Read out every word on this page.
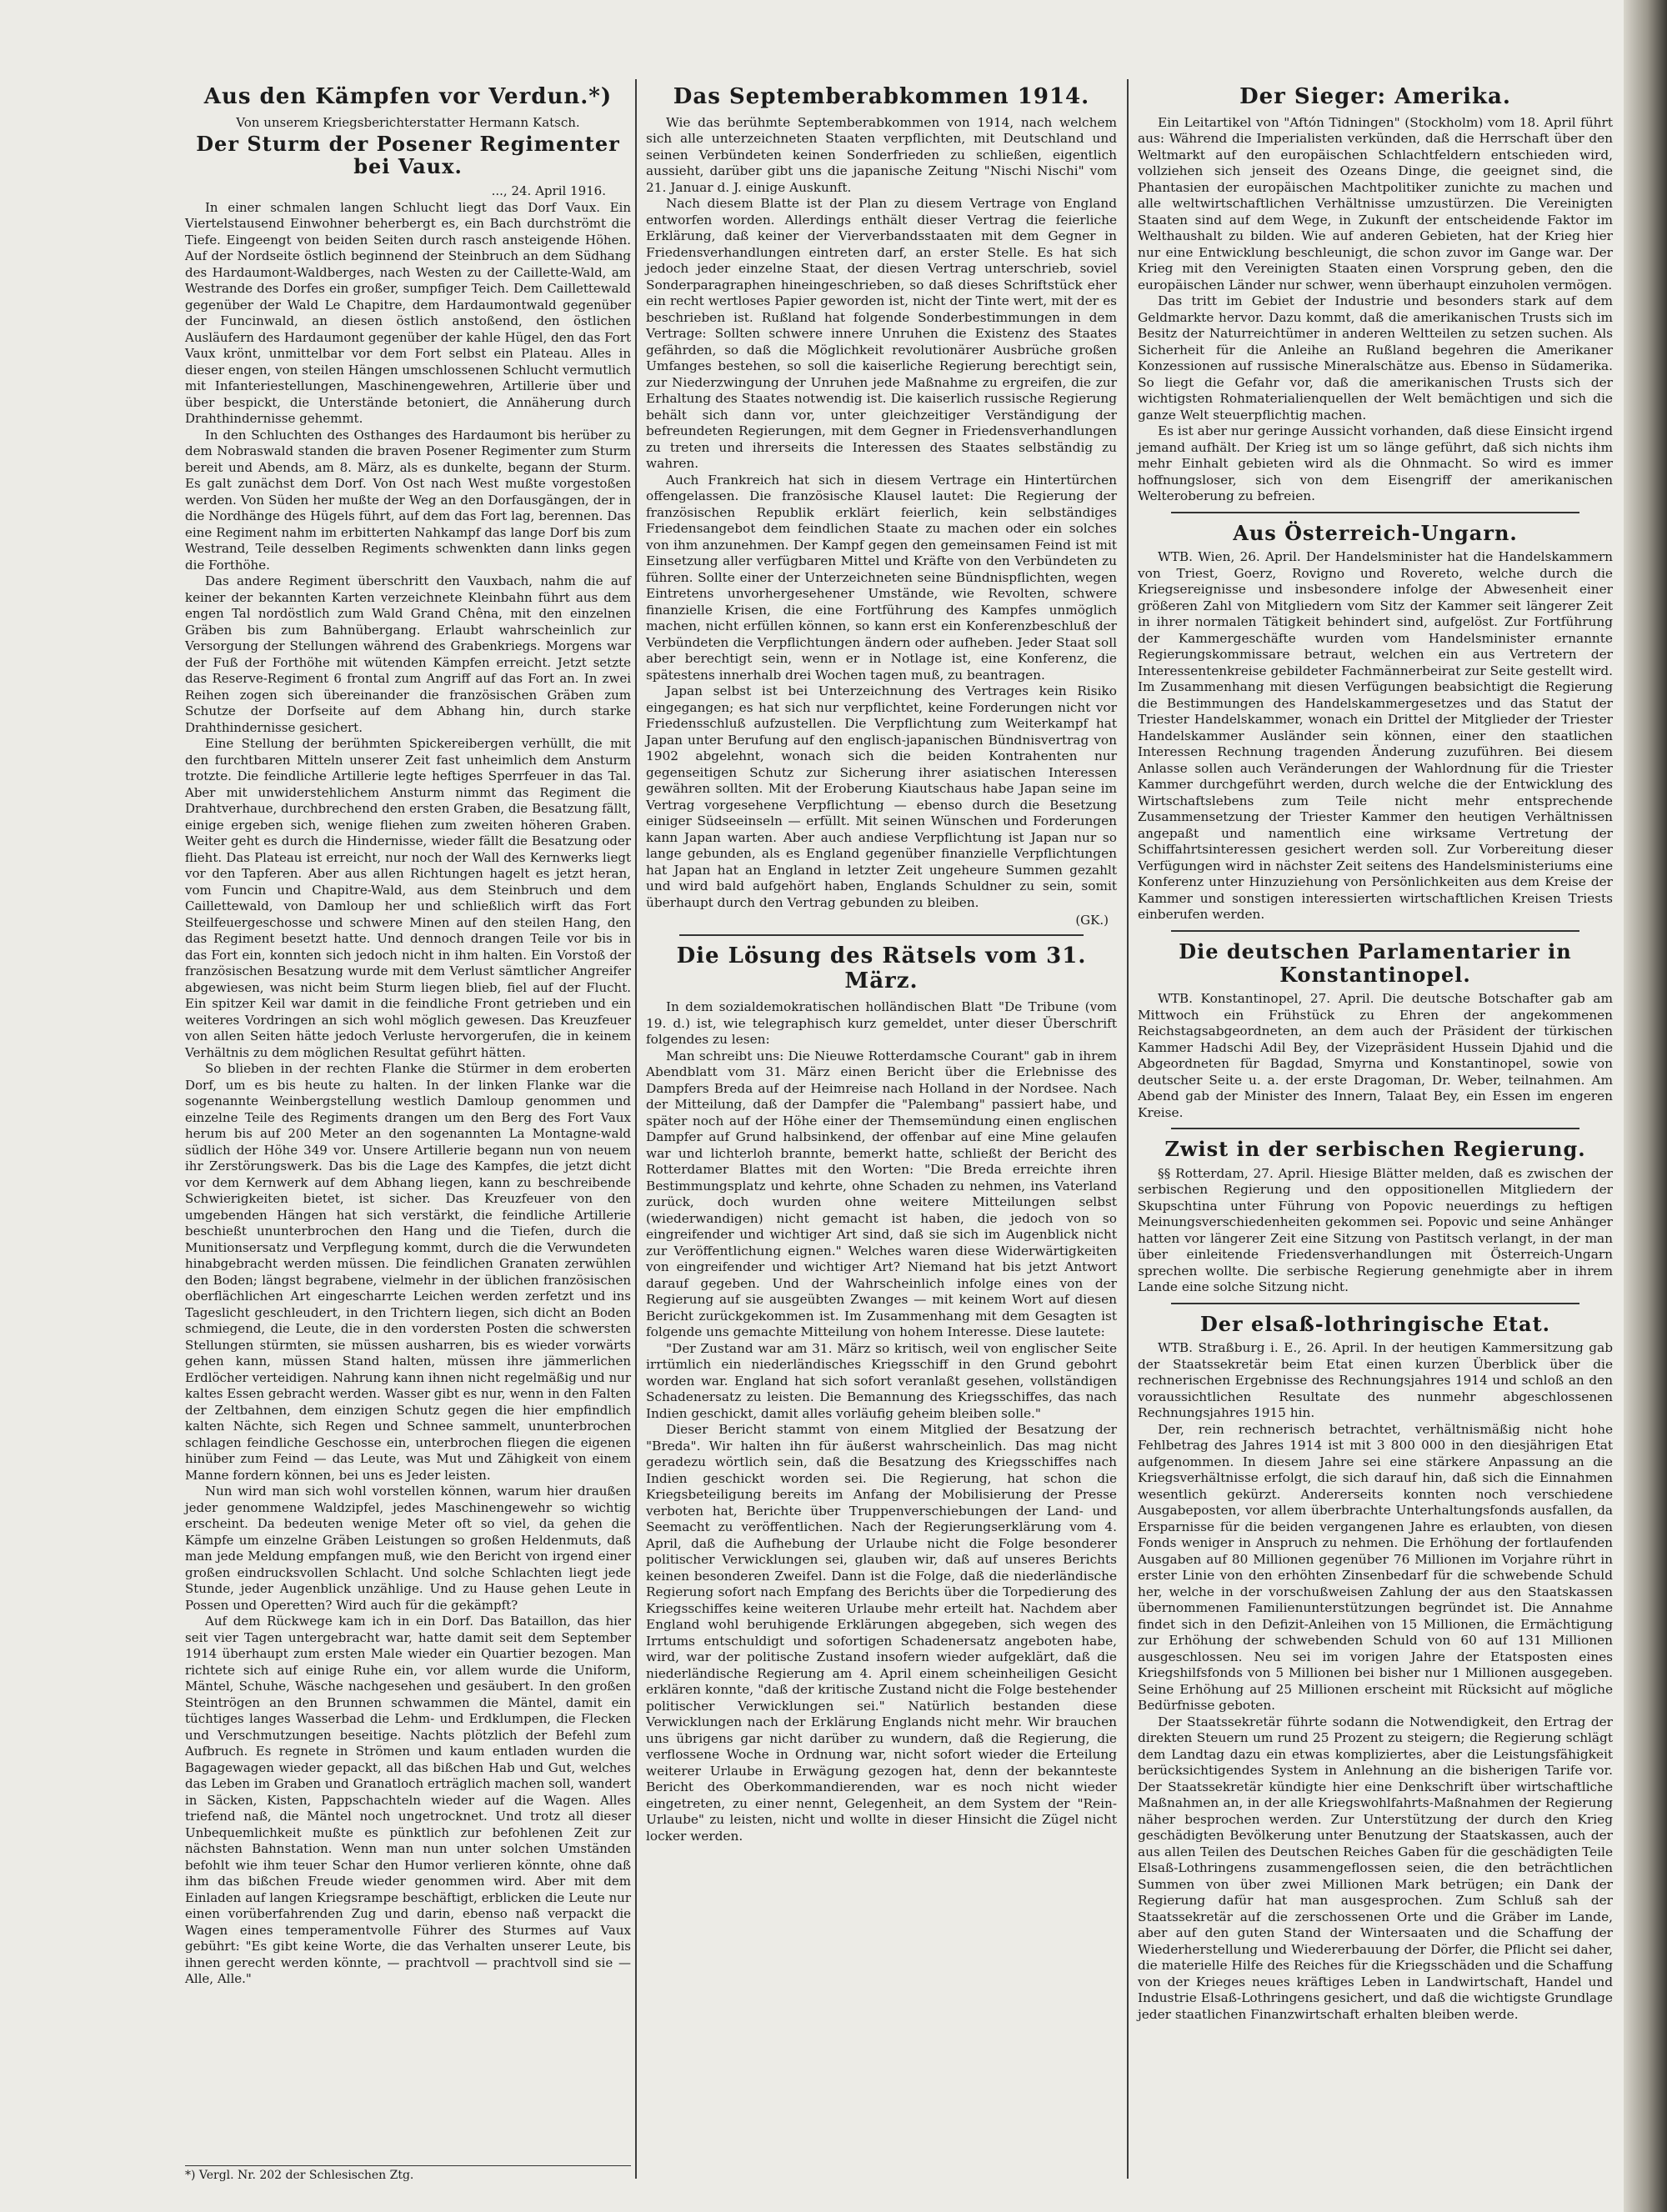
Aus den Kämpfen vor Verdun.*)
Von unserem Kriegsberichterstatter Hermann Katsch.
Der Sturm der Posener Regimenter bei Vaux.
..., 24. April 1916.

In einer schmalen langen Schlucht liegt das Dorf Vaux. Ein Viertelstausend Einwohner beherbergt es, ein Bach durchströmt die Tiefe. Eingeengt von beiden Seiten durch rasch ansteigende Höhen. Auf der Nordseite östlich beginnend der Steinbruch an dem Südhang des Hardaumont-Waldberges, nach Westen zu der Caillette-Wald, am Westrande des Dorfes ein großer, sumpfiger Teich. Dem Caillettewald gegenüber der Wald Le Chapitre, dem Hardaumontwald gegenüber der Funcinwald, an diesen östlich anstoßend, den östlichen Ausläufern des Hardaumont gegenüber der kahle Hügel, den das Fort Vaux krönt, unmittelbar vor dem Fort selbst ein Plateau. Alles in dieser engen, von steilen Hängen umschlossenen Schlucht vermutlich mit Infanteriestellungen, Maschinengewehren, Artillerie über und über bespickt, die Unterstände betoniert, die Annäherung durch Drahthindernisse gehemmt.

In den Schluchten des Osthanges des Hardaumont bis herüber zu dem Nobraswald standen die braven Posener Regimenter zum Sturm bereit und Abends, am 8. März, als es dunkelte, begann der Sturm. Es galt zunächst dem Dorf. Von Ost nach West mußte vorgestoßen werden. Von Süden her mußte der Weg an den Dorfausgängen, der in die Nordhänge des Hügels führt, auf dem das Fort lag, berennen. Das eine Regiment nahm im erbitterten Nahkampf das lange Dorf bis zum Westrand, Teile desselben Regiments schwenkten dann links gegen die Forthöhe.

Das andere Regiment überschritt den Vauxbach, nahm die auf keiner der bekannten Karten verzeichnete Kleinbahn führt aus dem engen Tal nordöstlich zum Wald Grand Chêna, mit den einzelnen Gräben bis zum Bahnübergang. Erlaubt wahrscheinlich zur Versorgung der Stellungen während des Grabenkriegs. Morgens war der Fuß der Forthöhe mit wütenden Kämpfen erreicht. Jetzt setzte das Reserve-Regiment 6 frontal zum Angriff auf das Fort an. In zwei Reihen zogen sich übereinander die französischen Gräben zum Schutze der Dorfseite auf dem Abhang hin, durch starke Drahthindernisse gesichert.

Eine Stellung der berühmten Spickereibergen verhüllt, die mit den furchtbaren Mitteln unserer Zeit fast unheimlich dem Ansturm trotzte. Die feindliche Artillerie legte heftiges Sperrfeuer in das Tal. Aber mit unwiderstehlichem Ansturm nimmt das Regiment die Drahtverhaue, durchbrechend den ersten Graben, die Besatzung fällt, einige ergeben sich, wenige fliehen zum zweiten höheren Graben. Weiter geht es durch die Hindernisse, wieder fällt die Besatzung oder flieht. Das Plateau ist erreicht, nur noch der Wall des Kernwerks liegt vor den Tapferen. Aber aus allen Richtungen hagelt es jetzt heran, vom Funcin und Chapitre-Wald, aus dem Steinbruch und dem Caillettewald, von Damloup her und schließlich wirft das Fort Steilfeuergeschosse und schwere Minen auf den steilen Hang, den das Regiment besetzt hatte. Und dennoch drangen Teile vor bis in das Fort ein, konnten sich jedoch nicht in ihm halten. Ein Vorstoß der französischen Besatzung wurde mit dem Verlust sämtlicher Angreifer abgewiesen, was nicht beim Sturm liegen blieb, fiel auf der Flucht. Ein spitzer Keil war damit in die feindliche Front getrieben und ein weiteres Vordringen an sich wohl möglich gewesen. Das Kreuzfeuer von allen Seiten hätte jedoch Verluste hervorgerufen, die in keinem Verhältnis zu dem möglichen Resultat geführt hätten.

So blieben in der rechten Flanke die Stürmer in dem eroberten Dorf, um es bis heute zu halten. In der linken Flanke war die sogenannte Weinbergstellung westlich Damloup genommen und einzelne Teile des Regiments drangen um den Berg des Fort Vaux herum bis auf 200 Meter an den sogenannten La Montagne-wald südlich der Höhe 349 vor. Unsere Artillerie begann nun von neuem ihr Zerstörungswerk. Das bis die Lage des Kampfes, die jetzt dicht vor dem Kernwerk auf dem Abhang liegen, kann zu beschreibende Schwierigkeiten bietet, ist sicher. Das Kreuzfeuer von den umgebenden Hängen hat sich verstärkt, die feindliche Artillerie beschießt ununterbrochen den Hang und die Tiefen, durch die Munitionsersatz und Verpflegung kommt, durch die die Verwundeten hinabgebracht werden müssen. Die feindlichen Granaten zerwühlen den Boden; längst begrabene, vielmehr in der üblichen französischen oberflächlichen Art eingescharrte Leichen werden zerfetzt und ins Tageslicht geschleudert, in den Trichtern liegen, sich dicht an Boden schmiegend, die Leute, die in den vordersten Posten die schwersten Stellungen stürmten, sie müssen ausharren, bis es wieder vorwärts gehen kann, müssen Stand halten, müssen ihre jämmerlichen Erdlöcher verteidigen. Nahrung kann ihnen nicht regelmäßig und nur kaltes Essen gebracht werden. Wasser gibt es nur, wenn in den Falten der Zeltbahnen, dem einzigen Schutz gegen die hier empfindlich kalten Nächte, sich Regen und Schnee sammelt, ununterbrochen schlagen feindliche Geschosse ein, unterbrochen fliegen die eigenen hinüber zum Feind — das Leute, was Mut und Zähigkeit von einem Manne fordern können, bei uns es Jeder leisten.

Nun wird man sich wohl vorstellen können, warum hier draußen jeder genommene Waldzipfel, jedes Maschinengewehr so wichtig erscheint. Da bedeuten wenige Meter oft so viel, da gehen die Kämpfe um einzelne Gräben Leistungen so großen Heldenmuts, daß man jede Meldung empfangen muß, wie den Bericht von irgend einer großen eindrucksvollen Schlacht. Und solche Schlachten liegt jede Stunde, jeder Augenblick unzählige. Und zu Hause gehen Leute in Possen und Operetten? Wird auch für die gekämpft?

Auf dem Rückwege kam ich in ein Dorf. Das Bataillon, das hier seit vier Tagen untergebracht war, hatte damit seit dem September 1914 überhaupt zum ersten Male wieder ein Quartier bezogen. Man richtete sich auf einige Ruhe ein, vor allem wurde die Uniform, Mäntel, Schuhe, Wäsche nachgesehen und gesäubert. In den großen Steintrögen an den Brunnen schwammen die Mäntel, damit ein tüchtiges langes Wasserbad die Lehm- und Erdklumpen, die Flecken und Verschmutzungen beseitige. Nachts plötzlich der Befehl zum Aufbruch. Es regnete in Strömen und kaum entladen wurden die Bagagewagen wieder gepackt, all das bißchen Hab und Gut, welches das Leben im Graben und Granatloch erträglich machen soll, wandert in Säcken, Kisten, Pappschachteln wieder auf die Wagen. Alles triefend naß, die Mäntel noch ungetrocknet. Und trotz all dieser Unbequemlichkeit mußte es pünktlich zur befohlenen Zeit zur nächsten Bahnstation. Wenn man nun unter solchen Umständen befohlt wie ihm teuer Schar den Humor verlieren könnte, ohne daß ihm das bißchen Freude wieder genommen wird. Aber mit dem Einladen auf langen Kriegsrampe beschäftigt, erblicken die Leute nur einen vorüberfahrenden Zug und darin, ebenso naß verpackt die Wagen eines temperamentvolle Führer des Sturmes auf Vaux gebührt: "Es gibt keine Worte, die das Verhalten unserer Leute, bis ihnen gerecht werden könnte, — prachtvoll — prachtvoll sind sie — Alle, Alle."

*) Vergl. Nr. 202 der Schlesischen Ztg.
Das Septemberabkommen 1914.

Wie das berühmte Septemberabkommen von 1914, nach welchem sich alle unterzeichneten Staaten verpflichten, mit Deutschland und seinen Verbündeten keinen Sonderfrieden zu schließen, eigentlich aussieht, darüber gibt uns die japanische Zeitung "Nischi Nischi" vom 21. Januar d. J. einige Auskunft.

Nach diesem Blatte ist der Plan zu diesem Vertrage von England entworfen worden. Allerdings enthält dieser Vertrag die feierliche Erklärung, daß keiner der Vierverbandsstaaten mit dem Gegner in Friedensverhandlungen eintreten darf, an erster Stelle. Es hat sich jedoch jeder einzelne Staat, der diesen Vertrag unterschrieb, soviel Sonderparagraphen hineingeschrieben, so daß dieses Schriftstück eher ein recht wertloses Papier geworden ist, nicht der Tinte wert, mit der es beschrieben ist. Rußland hat folgende Sonderbestimmungen in dem Vertrage: Sollten schwere innere Unruhen die Existenz des Staates gefährden, so daß die Möglichkeit revolutionärer Ausbrüche großen Umfanges bestehen, so soll die kaiserliche Regierung berechtigt sein, zur Niederzwingung der Unruhen jede Maßnahme zu ergreifen, die zur Erhaltung des Staates notwendig ist. Die kaiserlich russische Regierung behält sich dann vor, unter gleichzeitiger Verständigung der befreundeten Regierungen, mit dem Gegner in Friedensverhandlungen zu treten und ihrerseits die Interessen des Staates selbständig zu wahren.

Auch Frankreich hat sich in diesem Vertrage ein Hintertürchen offengelassen. Die französische Klausel lautet: Die Regierung der französischen Republik erklärt feierlich, kein selbständiges Friedensangebot dem feindlichen Staate zu machen oder ein solches von ihm anzunehmen. Der Kampf gegen den gemeinsamen Feind ist mit Einsetzung aller verfügbaren Mittel und Kräfte von den Verbündeten zu führen. Sollte einer der Unterzeichneten seine Bündnispflichten, wegen Eintretens unvorhergesehener Umstände, wie Revolten, schwere finanzielle Krisen, die eine Fortführung des Kampfes unmöglich machen, nicht erfüllen können, so kann erst ein Konferenzbeschluß der Verbündeten die Verpflichtungen ändern oder aufheben. Jeder Staat soll aber berechtigt sein, wenn er in Notlage ist, eine Konferenz, die spätestens innerhalb drei Wochen tagen muß, zu beantragen.

Japan selbst ist bei Unterzeichnung des Vertrages kein Risiko eingegangen; es hat sich nur verpflichtet, keine Forderungen nicht vor Friedensschluß aufzustellen. Die Verpflichtung zum Weiterkampf hat Japan unter Berufung auf den englisch-japanischen Bündnisvertrag von 1902 abgelehnt, wonach sich die beiden Kontrahenten nur gegenseitigen Schutz zur Sicherung ihrer asiatischen Interessen gewähren sollten. Mit der Eroberung Kiautschaus habe Japan seine im Vertrag vorgesehene Verpflichtung — ebenso durch die Besetzung einiger Südseeinseln — erfüllt. Mit seinen Wünschen und Forderungen kann Japan warten. Aber auch andiese Verpflichtung ist Japan nur so lange gebunden, als es England gegenüber finanzielle Verpflichtungen hat Japan hat an England in letzter Zeit ungeheure Summen gezahlt und wird bald aufgehört haben, Englands Schuldner zu sein, somit überhaupt durch den Vertrag gebunden zu bleiben.

(GK.)
Die Lösung des Rätsels vom 31. März.

In dem sozialdemokratischen holländischen Blatt "De Tribune (vom 19. d.) ist, wie telegraphisch kurz gemeldet, unter dieser Überschrift folgendes zu lesen:

Man schreibt uns: Die Nieuwe Rotterdamsche Courant" gab in ihrem Abendblatt vom 31. März einen Bericht über die Erlebnisse des Dampfers Breda auf der Heimreise nach Holland in der Nordsee. Nach der Mitteilung, daß der Dampfer die "Palembang" passiert habe, und später noch auf der Höhe einer der Themsemündung einen englischen Dampfer auf Grund halbsinkend, der offenbar auf eine Mine gelaufen war und lichterloh brannte, bemerkt hatte, schließt der Bericht des Rotterdamer Blattes mit den Worten: "Die Breda erreichte ihren Bestimmungsplatz und kehrte, ohne Schaden zu nehmen, ins Vaterland zurück, doch wurden ohne weitere Mitteilungen selbst (wiederwandigen) nicht gemacht ist haben, die jedoch von so eingreifender und wichtiger Art sind, daß sie sich im Augenblick nicht zur Veröffentlichung eignen." Welches waren diese Widerwärtigkeiten von eingreifender und wichtiger Art? Niemand hat bis jetzt Antwort darauf gegeben. Und der Wahrscheinlich infolge eines von der Regierung auf sie ausgeübten Zwanges — mit keinem Wort auf diesen Bericht zurückgekommen ist. Im Zusammenhang mit dem Gesagten ist folgende uns gemachte Mitteilung von hohem Interesse. Diese lautete:

"Der Zustand war am 31. März so kritisch, weil von englischer Seite irrtümlich ein niederländisches Kriegsschiff in den Grund gebohrt worden war. England hat sich sofort veranlaßt gesehen, vollständigen Schadenersatz zu leisten. Die Bemannung des Kriegsschiffes, das nach Indien geschickt, damit alles vorläufig geheim bleiben solle."

Dieser Bericht stammt von einem Mitglied der Besatzung der "Breda". Wir halten ihn für äußerst wahrscheinlich. Das mag nicht geradezu wörtlich sein, daß die Besatzung des Kriegsschiffes nach Indien geschickt worden sei. Die Regierung, hat schon die Kriegsbeteiligung bereits im Anfang der Mobilisierung der Presse verboten hat, Berichte über Truppenverschiebungen der Land- und Seemacht zu veröffentlichen. Nach der Regierungserklärung vom 4. April, daß die Aufhebung der Urlaube nicht die Folge besonderer politischer Verwicklungen sei, glauben wir, daß auf unseres Berichts keinen besonderen Zweifel. Dann ist die Folge, daß die niederländische Regierung sofort nach Empfang des Berichts über die Torpedierung des Kriegsschiffes keine weiteren Urlaube mehr erteilt hat. Nachdem aber England wohl beruhigende Erklärungen abgegeben, sich wegen des Irrtums entschuldigt und sofortigen Schadenersatz angeboten habe, wird, war der politische Zustand insofern wieder aufgeklärt, daß die niederländische Regierung am 4. April einem scheinheiligen Gesicht erklären konnte, "daß der kritische Zustand nicht die Folge bestehender politischer Verwicklungen sei." Natürlich bestanden diese Verwicklungen nach der Erklärung Englands nicht mehr. Wir brauchen uns übrigens gar nicht darüber zu wundern, daß die Regierung, die verflossene Woche in Ordnung war, nicht sofort wieder die Erteilung weiterer Urlaube in Erwägung gezogen hat, denn der bekannteste Bericht des Oberkommandierenden, war es noch nicht wieder eingetreten, zu einer nennt, Gelegenheit, an dem System der "Rein-Urlaube" zu leisten, nicht und wollte in dieser Hinsicht die Zügel nicht locker werden.

Der Sieger: Amerika.

Ein Leitartikel von "Aftón Tidningen" (Stockholm) vom 18. April führt aus: Während die Imperialisten verkünden, daß die Herrschaft über den Weltmarkt auf den europäischen Schlachtfeldern entschieden wird, vollziehen sich jenseit des Ozeans Dinge, die geeignet sind, die Phantasien der europäischen Machtpolitiker zunichte zu machen und alle weltwirtschaftlichen Verhältnisse umzustürzen. Die Vereinigten Staaten sind auf dem Wege, in Zukunft der entscheidende Faktor im Welthaushalt zu bilden. Wie auf anderen Gebieten, hat der Krieg hier nur eine Entwicklung beschleunigt, die schon zuvor im Gange war. Der Krieg mit den Vereinigten Staaten einen Vorsprung geben, den die europäischen Länder nur schwer, wenn überhaupt einzuholen vermögen.

Das tritt im Gebiet der Industrie und besonders stark auf dem Geldmarkte hervor. Dazu kommt, daß die amerikanischen Trusts sich im Besitz der Naturreichtümer in anderen Weltteilen zu setzen suchen. Als Sicherheit für die Anleihe an Rußland begehren die Amerikaner Konzessionen auf russische Mineralschätze aus. Ebenso in Südamerika. So liegt die Gefahr vor, daß die amerikanischen Trusts sich der wichtigsten Rohmaterialienquellen der Welt bemächtigen und sich die ganze Welt steuerpflichtig machen.

Es ist aber nur geringe Aussicht vorhanden, daß diese Einsicht irgend jemand aufhält. Der Krieg ist um so länge geführt, daß sich nichts ihm mehr Einhalt gebieten wird als die Ohnmacht. So wird es immer hoffnungsloser, sich von dem Eisengriff der amerikanischen Welteroberung zu befreien.

Aus Österreich-Ungarn.

WTB. Wien, 26. April. Der Handelsminister hat die Handelskammern von Triest, Goerz, Rovigno und Rovereto, welche durch die Kriegsereignisse und insbesondere infolge der Abwesenheit einer größeren Zahl von Mitgliedern vom Sitz der Kammer seit längerer Zeit in ihrer normalen Tätigkeit behindert sind, aufgelöst. Zur Fortführung der Kammergeschäfte wurden vom Handelsminister ernannte Regierungskommissare betraut, welchen ein aus Vertretern der Interessentenkreise gebildeter Fachmännerbeirat zur Seite gestellt wird. Im Zusammenhang mit diesen Verfügungen beabsichtigt die Regierung die Bestimmungen des Handelskammergesetzes und das Statut der Triester Handelskammer, wonach ein Drittel der Mitglieder der Triester Handelskammer Ausländer sein können, einer den staatlichen Interessen Rechnung tragenden Änderung zuzuführen. Bei diesem Anlasse sollen auch Veränderungen der Wahlordnung für die Triester Kammer durchgeführt werden, durch welche die der Entwicklung des Wirtschaftslebens zum Teile nicht mehr entsprechende Zusammensetzung der Triester Kammer den heutigen Verhältnissen angepaßt und namentlich eine wirksame Vertretung der Schiffahrtsinteressen gesichert werden soll. Zur Vorbereitung dieser Verfügungen wird in nächster Zeit seitens des Handelsministeriums eine Konferenz unter Hinzuziehung von Persönlichkeiten aus dem Kreise der Kammer und sonstigen interessierten wirtschaftlichen Kreisen Triests einberufen werden.

Die deutschen Parlamentarier in Konstantinopel.

WTB. Konstantinopel, 27. April. Die deutsche Botschafter gab am Mittwoch ein Frühstück zu Ehren der angekommenen Reichstagsabgeordneten, an dem auch der Präsident der türkischen Kammer Hadschi Adil Bey, der Vizepräsident Hussein Djahid und die Abgeordneten für Bagdad, Smyrna und Konstantinopel, sowie von deutscher Seite u. a. der erste Dragoman, Dr. Weber, teilnahmen. Am Abend gab der Minister des Innern, Talaat Bey, ein Essen im engeren Kreise.

Zwist in der serbischen Regierung.

§§ Rotterdam, 27. April. Hiesige Blätter melden, daß es zwischen der serbischen Regierung und den oppositionellen Mitgliedern der Skupschtina unter Führung von Popovic neuerdings zu heftigen Meinungsverschiedenheiten gekommen sei. Popovic und seine Anhänger hatten vor längerer Zeit eine Sitzung von Pastitsch verlangt, in der man über einleitende Friedensverhandlungen mit Österreich-Ungarn sprechen wollte. Die serbische Regierung genehmigte aber in ihrem Lande eine solche Sitzung nicht.

Der elsaß-lothringische Etat.

WTB. Straßburg i. E., 26. April. In der heutigen Kammersitzung gab der Staatssekretär beim Etat einen kurzen Überblick über die rechnerischen Ergebnisse des Rechnungsjahres 1914 und schloß an den voraussichtlichen Resultate des nunmehr abgeschlossenen Rechnungsjahres 1915 hin.

Der, rein rechnerisch betrachtet, verhältnismäßig nicht hohe Fehlbetrag des Jahres 1914 ist mit 3 800 000 in den diesjährigen Etat aufgenommen. In diesem Jahre sei eine stärkere Anpassung an die Kriegsverhältnisse erfolgt, die sich darauf hin, daß sich die Einnahmen wesentlich gekürzt. Andererseits konnten noch verschiedene Ausgabeposten, vor allem überbrachte Unterhaltungsfonds ausfallen, da Ersparnisse für die beiden vergangenen Jahre es erlaubten, von diesen Fonds weniger in Anspruch zu nehmen. Die Erhöhung der fortlaufenden Ausgaben auf 80 Millionen gegenüber 76 Millionen im Vorjahre rührt in erster Linie von den erhöhten Zinsenbedarf für die schwebende Schuld her, welche in der vorschußweisen Zahlung der aus den Staatskassen übernommenen Familienunterstützungen begründet ist. Die Annahme findet sich in den Defizit-Anleihen von 15 Millionen, die Ermächtigung zur Erhöhung der schwebenden Schuld von 60 auf 131 Millionen ausgeschlossen. Neu sei im vorigen Jahre der Etatsposten eines Kriegshilfsfonds von 5 Millionen bei bisher nur 1 Millionen ausgegeben. Seine Erhöhung auf 25 Millionen erscheint mit Rücksicht auf mögliche Bedürfnisse geboten.

Der Staatssekretär führte sodann die Notwendigkeit, den Ertrag der direkten Steuern um rund 25 Prozent zu steigern; die Regierung schlägt dem Landtag dazu ein etwas kompliziertes, aber die Leistungsfähigkeit berücksichtigendes System in Anlehnung an die bisherigen Tarife vor. Der Staatssekretär kündigte hier eine Denkschrift über wirtschaftliche Maßnahmen an, in der alle Kriegswohlfahrts-Maßnahmen der Regierung näher besprochen werden. Zur Unterstützung der durch den Krieg geschädigten Bevölkerung unter Benutzung der Staatskassen, auch der aus allen Teilen des Deutschen Reiches Gaben für die geschädigten Teile Elsaß-Lothringens zusammengeflossen seien, die den beträchtlichen Summen von über zwei Millionen Mark betrügen; ein Dank der Regierung dafür hat man ausgesprochen. Zum Schluß sah der Staatssekretär auf die zerschossenen Orte und die Gräber im Lande, aber auf den guten Stand der Wintersaaten und die Schaffung der Wiederherstellung und Wiedererbauung der Dörfer, die Pflicht sei daher, die materielle Hilfe des Reiches für die Kriegsschäden und die Schaffung von der Krieges neues kräftiges Leben in Landwirtschaft, Handel und Industrie Elsaß-Lothringens gesichert, und daß die wichtigste Grundlage jeder staatlichen Finanzwirtschaft erhalten bleiben werde.
